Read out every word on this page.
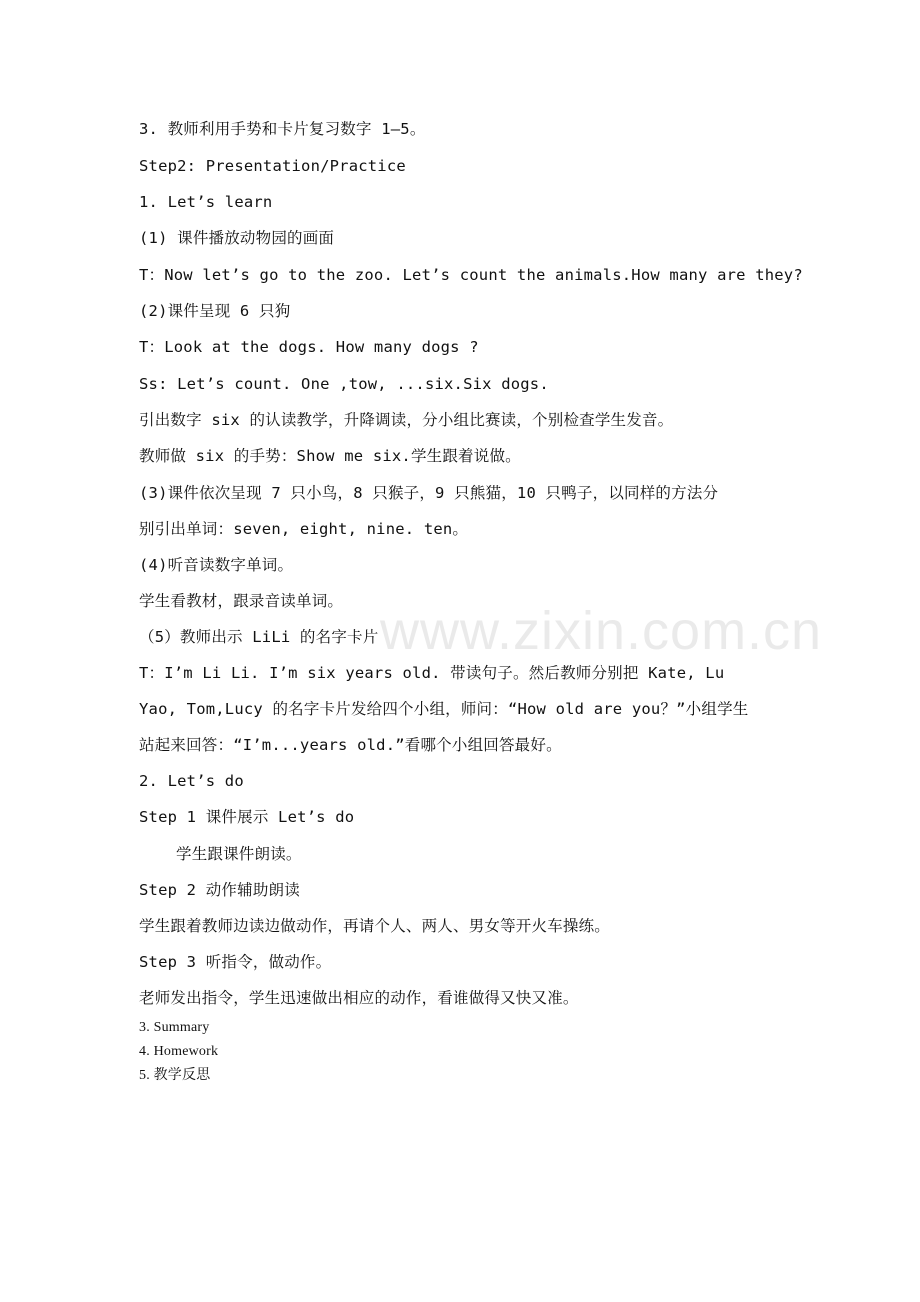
www.zixin.com.cn
3. 教师利用手势和卡片复习数字 1—5。
Step2: Presentation/Practice
1. Let’s learn
(1) 课件播放动物园的画面
T：Now let’s go to the zoo. Let’s count the animals.How many are they?
(2)课件呈现 6 只狗
T：Look at the dogs. How many dogs ?
Ss: Let’s count. One ,tow, ...six.Six dogs.
引出数字 six 的认读教学，升降调读，分小组比赛读，个别检查学生发音。
教师做 six 的手势：Show me six.学生跟着说做。
(3)课件依次呈现 7 只小鸟，8 只猴子，9 只熊猫，10 只鸭子，以同样的方法分
别引出单词：seven, eight, nine. ten。
(4)听音读数字单词。
学生看教材，跟录音读单词。
（5）教师出示 LiLi 的名字卡片
T：I’m Li Li. I’m six years old. 带读句子。然后教师分别把 Kate, Lu
Yao, Tom,Lucy 的名字卡片发给四个小组，师问：“How old are you？”小组学生
站起来回答：“I’m...years old.”看哪个小组回答最好。
2. Let’s do
Step 1 课件展示 Let’s do
学生跟课件朗读。
Step 2 动作辅助朗读
学生跟着教师边读边做动作，再请个人、两人、男女等开火车操练。
Step 3 听指令，做动作。
老师发出指令，学生迅速做出相应的动作，看谁做得又快又准。
3. Summary
4. Homework
5. 教学反思
